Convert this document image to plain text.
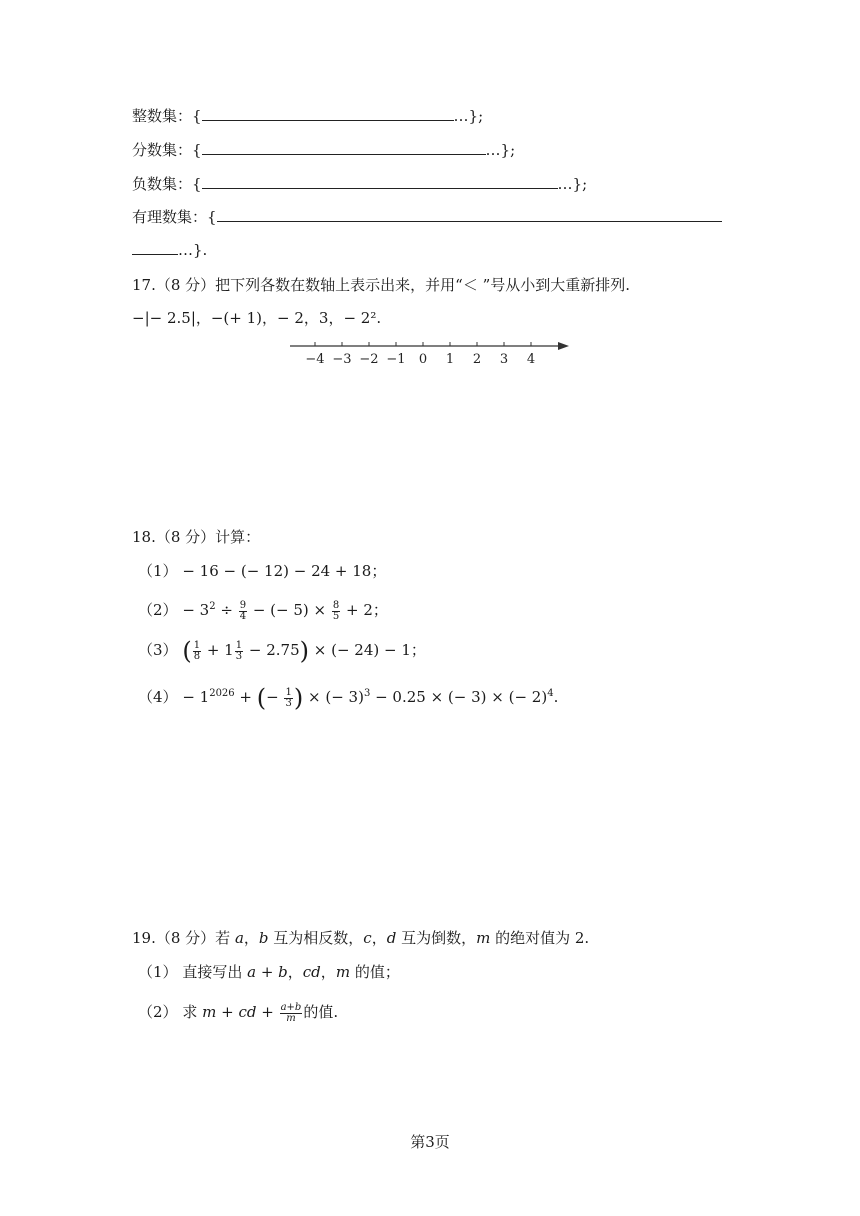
整数集：{	…};
分数集：{	…};
负数集：{	…};
有理数集：{
…}.
17.（8 分）把下列各数在数轴上表示出来，并用“＜ ”号从小到大重新排列.
−|− 2.5|，−(+ 1)，− 2，3，− 2².
−4 −3 −2 −1 0 1 2 3 4
18.（8 分）计算：
（1） − 16 − (− 12) − 24 + 18；
$(2) - 3^2 \div \frac{9}{4}$ − (− $5) \times \frac{8}{5} + 2$；
（3） ( $\frac{1}{8} + 1 \frac{1}{3} - 2.75$) × (− 24) − 1；
$(4) - 1^{2026}$ + (− $\frac{1}{3}$ ) × (− 3)$^3$ − 0.25 × (− 3) × (− 2)$^4$.
19.（8 分）若 a，b 互为相反数，c，d 互为倒数，m 的绝对值为 2.
（1） 直接写出 a + b，cd，m 的值；
（2） 求 m + cd + $\frac{a+b}{m}$ 的值.
第3页
